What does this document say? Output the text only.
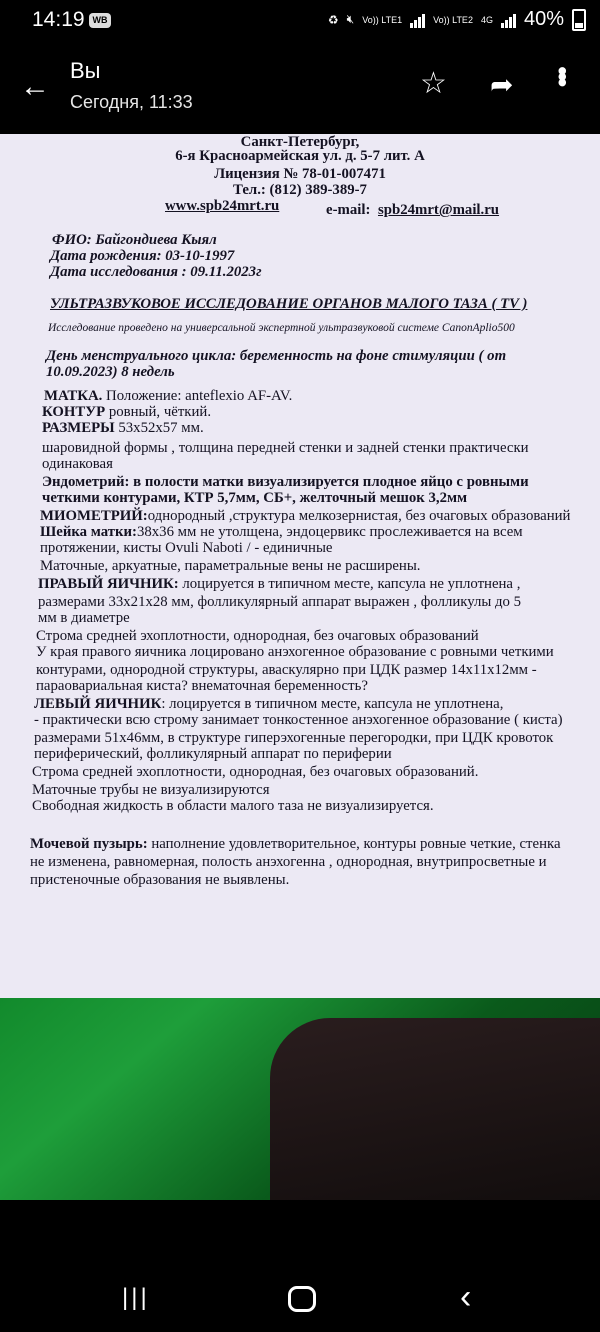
14:19 WB	♻ 🔇︎ Vo)) LTE1	Vo)) LTE2 4G 40%
← Вы
Сегодня, 11:33
☆ ➦ •••
Санкт-Петербург,
6-я Красноармейская ул. д. 5-7 лит. А
Лицензия № 78-01-007471
Тел.: (812) 389-389-7
www.spb24mrt.ru	e-mail: spb24mrt@mail.ru
ФИО: Байгондиева Кыял
Дата рождения: 03-10-1997
Дата исследования : 09.11.2023г
УЛЬТРАЗВУКОВОЕ ИССЛЕДОВАНИЕ ОРГАНОВ МАЛОГО ТАЗА ( TV )
Исследование проведено на универсальной экспертной ультразвуковой системе CanonAplio500
День менструального цикла: беременность на фоне стимуляции ( от
10.09.2023) 8 недель
МАТКА. Положение: anteflexio AF-AV.
КОНТУР ровный, чёткий.
РАЗМЕРЫ 53х52х57 мм.
шаровидной формы , толщина передней стенки и задней стенки практически
одинаковая
Эндометрий: в полости матки визуализируется плодное яйцо с ровными
четкими контурами, КТР 5,7мм, СБ+, желточный мешок 3,2мм
МИОМЕТРИЙ:однородный ,структура мелкозернистая, без очаговых образований
Шейка матки:38х36 мм не утолщена, эндоцервикс прослеживается на всем
протяжении, кисты Ovuli Naboti / - единичные
Маточные, аркуатные, параметральные вены не расширены.
ПРАВЫЙ ЯИЧНИК: лоцируется в типичном месте, капсула не уплотнена ,
размерами 33х21х28 мм, фолликулярный аппарат выражен , фолликулы до 5
мм в диаметре
Строма средней эхоплотности, однородная, без очаговых образований
У края правого яичника лоцировано анэхогенное образование с ровными четкими
контурами, однородной структуры, аваскулярно при ЦДК размер 14х11х12мм -
параовариальная киста? внематочная беременность?
ЛЕВЫЙ ЯИЧНИК: лоцируется в типичном месте, капсула не уплотнена,
- практически всю строму занимает тонкостенное анэхогенное образование ( киста)
размерами 51х46мм, в структуре гиперэхогенные перегородки, при ЦДК кровоток
периферический, фолликулярный аппарат по периферии
Строма средней эхоплотности, однородная, без очаговых образований.
Маточные трубы не визуализируются
Свободная жидкость в области малого таза не визуализируется.
Мочевой пузырь: наполнение удовлетворительное, контуры ровные четкие, стенка
не изменена, равномерная, полость анэхогенна , однородная, внутрипросветные и
пристеночные образования не выявлены.
|||	‹
